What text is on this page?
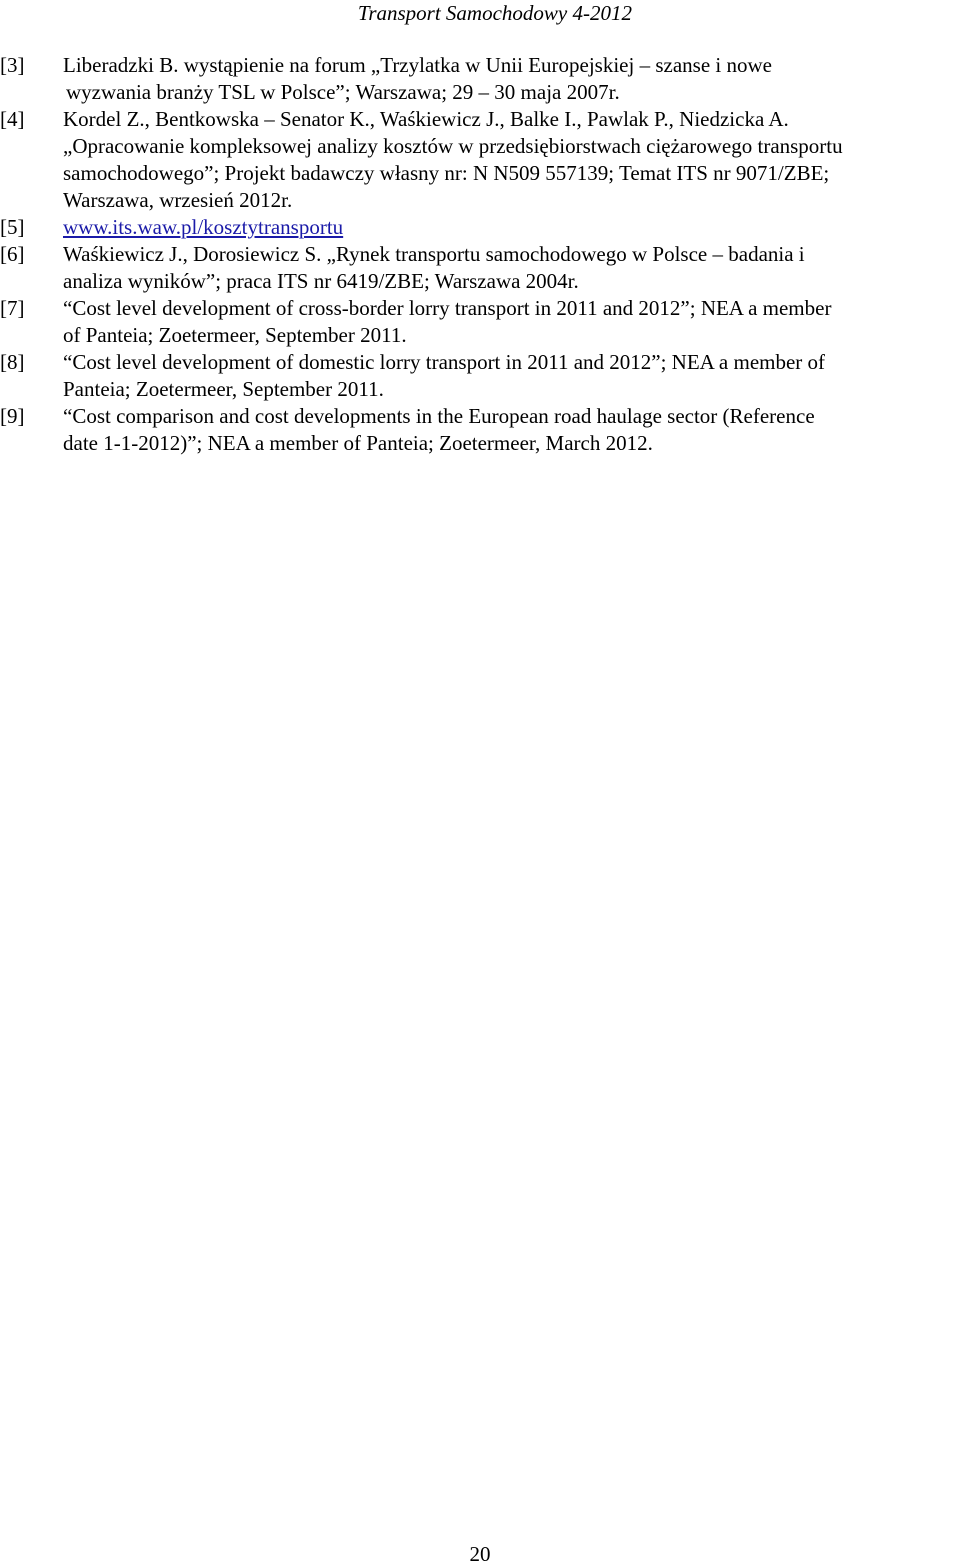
Transport Samochodowy 4-2012
[3] Liberadzki B. wystąpienie na forum „Trzylatka w Unii Europejskiej – szanse i nowe
wyzwania branży TSL w Polsce”; Warszawa; 29 – 30 maja 2007r.
[4] Kordel Z., Bentkowska – Senator K., Waśkiewicz J., Balke I., Pawlak P., Niedzicka A.
„Opracowanie kompleksowej analizy kosztów w przedsiębiorstwach ciężarowego transportu
samochodowego”; Projekt badawczy własny nr: N N509 557139; Temat ITS nr 9071/ZBE;
Warszawa, wrzesień 2012r.
[5] www.its.waw.pl/kosztytransportu
[6] Waśkiewicz J., Dorosiewicz S. „Rynek transportu samochodowego w Polsce – badania i
analiza wyników”; praca ITS nr 6419/ZBE; Warszawa 2004r.
[7] “Cost level development of cross-border lorry transport in 2011 and 2012”; NEA a member
of Panteia; Zoetermeer, September 2011.
[8] “Cost level development of domestic lorry transport in 2011 and 2012”; NEA a member of
Panteia; Zoetermeer, September 2011.
[9] “Cost comparison and cost developments in the European road haulage sector (Reference
date 1-1-2012)”; NEA a member of Panteia; Zoetermeer, March 2012.
20
